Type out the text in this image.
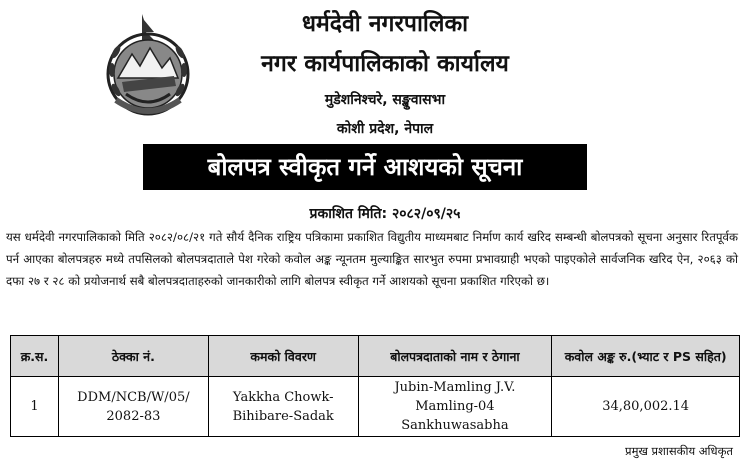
धर्मदेवी नगरपालिका
नगर कार्यपालिकाको कार्यालय
मुडेशनिश्चरे, सङ्खुवासभा
कोशी प्रदेश, नेपाल
बोलपत्र स्वीकृत गर्ने आशयको सूचना
प्रकाशित मिति: २०८२/०९/२५
यस धर्मदेवी नगरपालिकाको मिति २०८२/०८/२१ गते सौर्य दैनिक राष्ट्रिय पत्रिकामा प्रकाशित विद्युतीय माध्यमबाट निर्माण कार्य खरिद सम्बन्धी बोलपत्रको सूचना अनुसार रितपूर्वक पर्न आएका बोलपत्रहरु मध्ये तपसिलको बोलपत्रदाताले पेश गरेको कवोल अङ्क न्यूनतम मुल्याङ्कित सारभुत रुपमा प्रभावग्राही भएको पाइएकोले सार्वजनिक खरिद ऐन, २०६३ को दफा २७ र २८ को प्रयोजनार्थ सबै बोलपत्रदाताहरुको जानकारीको लागि बोलपत्र स्वीकृत गर्ने आशयको सूचना प्रकाशित गरिएको छ।
क्र.स.	ठेक्का नं.	कमको विवरण	बोलपत्रदाताको नाम र ठेगाना	कवोल अङ्क रु.(भ्याट र PS सहित)
1	DDM/NCB/W/05/ 2082-83	Yakkha Chowk- Bihibare-Sadak	Jubin-Mamling J.V. Mamling-04 Sankhuwasabha	34,80,002.14
प्रमुख प्रशासकीय अधिकृत
